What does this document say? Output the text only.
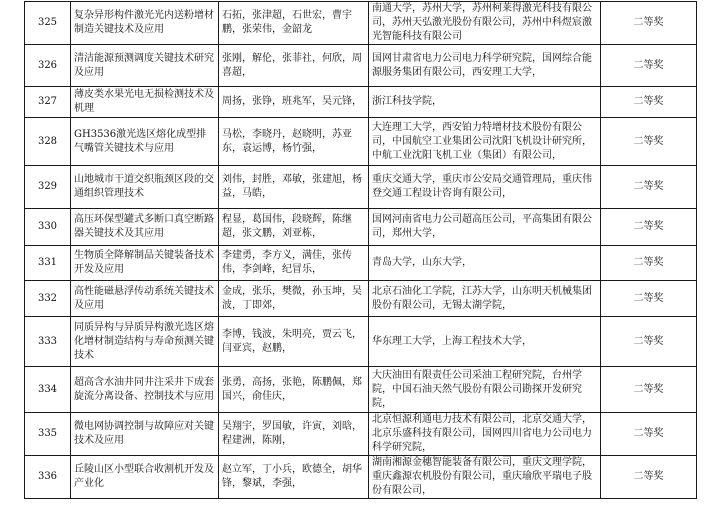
325	复杂异形构件激光光内送粉增材制造关键技术及应用	石拓，张津超，石世宏，曹宇鹏，张荣伟，金韶龙	南通大学，苏州大学，苏州柯莱得激光科技有限公司，苏州天弘激光股份有限公司，苏州中科煜宸激光智能科技有限公司	二等奖
326	清洁能源预测调度关键技术研究及应用	张刚，解伦，张菲社，何欣，周喜超，	国网甘肃省电力公司电力科学研究院，国网综合能源服务集团有限公司，西安理工大学，	二等奖
327	薄皮类水果光电无损检测技术及机理	周扬，张铮，班兆军，吴元锋，	浙江科技学院，	二等奖
328	GH3536激光选区熔化成型排气嘴管关键技术与应用	马松，李晓丹，赵晓明，苏亚东，袁运博，杨竹强，	大连理工大学，西安铂力特增材技术股份有限公司，中国航空工业集团公司沈阳飞机设计研究所，中航工业沈阳飞机工业（集团）有限公司，	二等奖
329	山地城市干道交织瓶颈区段的交通组织管理技术	刘伟，封胜，邓敏，张建旭，杨益，马皓，	重庆交通大学，重庆市公安局交通管理局，重庆伟登交通工程设计咨询有限公司，	二等奖
330	高压环保型罐式多断口真空断路器关键技术及其应用	程显，葛国伟，段晓辉，陈继超，张文鹏，刘亚栋，	国网河南省电力公司超高压公司，平高集团有限公司，郑州大学，	二等奖
331	生物质全降解制品关键装备技术开发及应用	李建勇，李方义，满佳，张传伟，李剑峰，纪冒乐，	青岛大学，山东大学，	二等奖
332	高性能磁悬浮传动系统关键技术及应用	金成，张乐，樊微，孙玉坤，吴波，丁即郊，	北京石油化工学院，江苏大学，山东明天机械集团股份有限公司，无锡太湖学院，	二等奖
333	同质异构与异质异构激光选区熔化增材制造结构与寿命预测关键技术	李博，钱波，朱明亮，贾云飞，闫亚宾，赵鹏，	华东理工大学，上海工程技术大学，	二等奖
334	超高含水油井同井注采井下成套旋流分离设备、控制技术与应用	张勇，高扬，张艳，陈鹏佩，郑国兴，俞佳庆，	大庆油田有限责任公司采油工程研究院，台州学院，中国石油天然气股份有限公司勘探开发研究院，	二等奖
335	微电网协调控制与故障应对关键技术及应用	吴翔宇，罗国敏，许寅，刘晗，程建洲，陈刚，	北京恒源利通电力技术有限公司，北京交通大学，北京乐盛科技有限公司，国网四川省电力公司电力科学研究院，	二等奖
336	丘陵山区小型联合收割机开发及产业化	赵立军，丁小兵，欧德全，胡华锋，黎斌，李强，	湖南湘源金穗智能装备有限公司，重庆文理学院，重庆鑫源农机股份有限公司，重庆瑜欣平瑞电子股份有限公司，	二等奖
